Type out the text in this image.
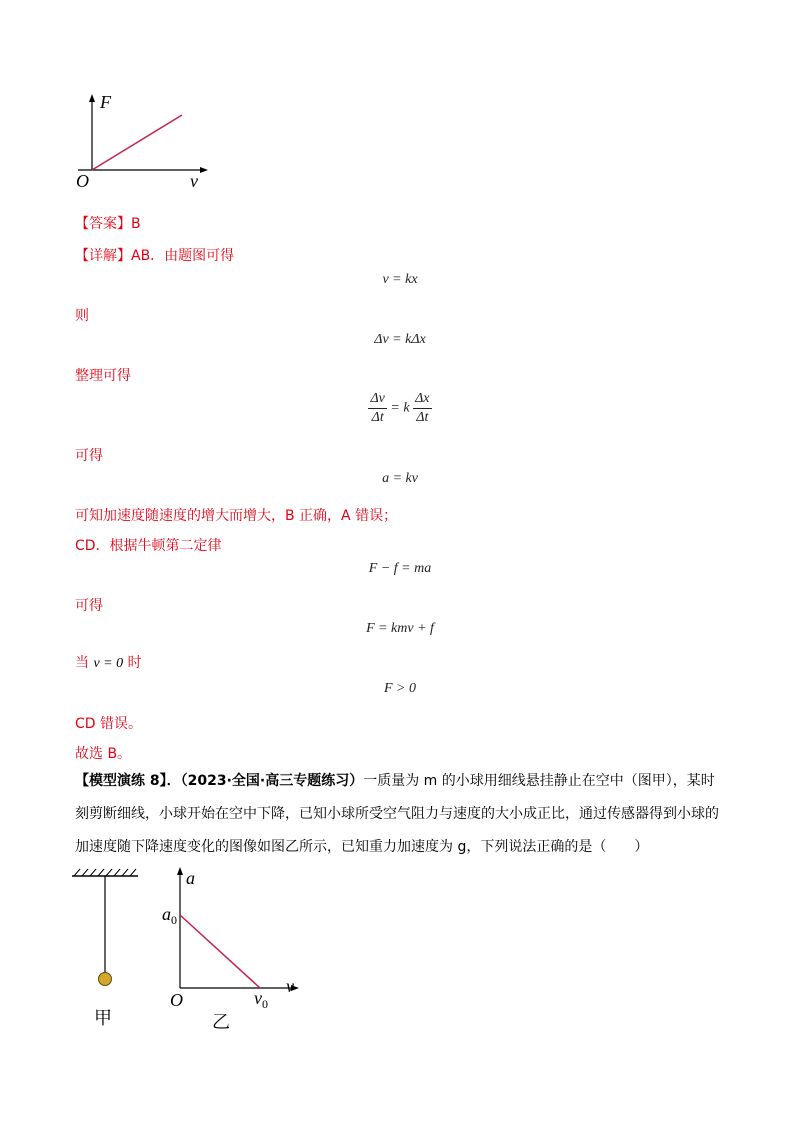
F
v
O
【答案】B
【详解】AB．由题图可得
v = kx
则
Δv = kΔx
整理可得
$\frac{\Delta v}{\Delta t} = k \frac{\Delta x}{\Delta t}$
可得
a = kv
可知加速度随速度的增大而增大，B 正确，A 错误；
CD．根据牛顿第二定律
F − f = ma
可得
F = kmv + f
当 v = 0 时
F > 0
CD 错误。
故选 B。
【模型演练 8】．（2023·全国·高三专题练习）一质量为 m 的小球用细线悬挂静止在空中（图甲），某时
刻剪断细线，小球开始在空中下降，已知小球所受空气阻力与速度的大小成正比，通过传感器得到小球的
加速度随下降速度变化的图像如图乙所示，已知重力加速度为 g，下列说法正确的是（　　）
甲
a
v
O
$a_0$
$v_0$
乙
